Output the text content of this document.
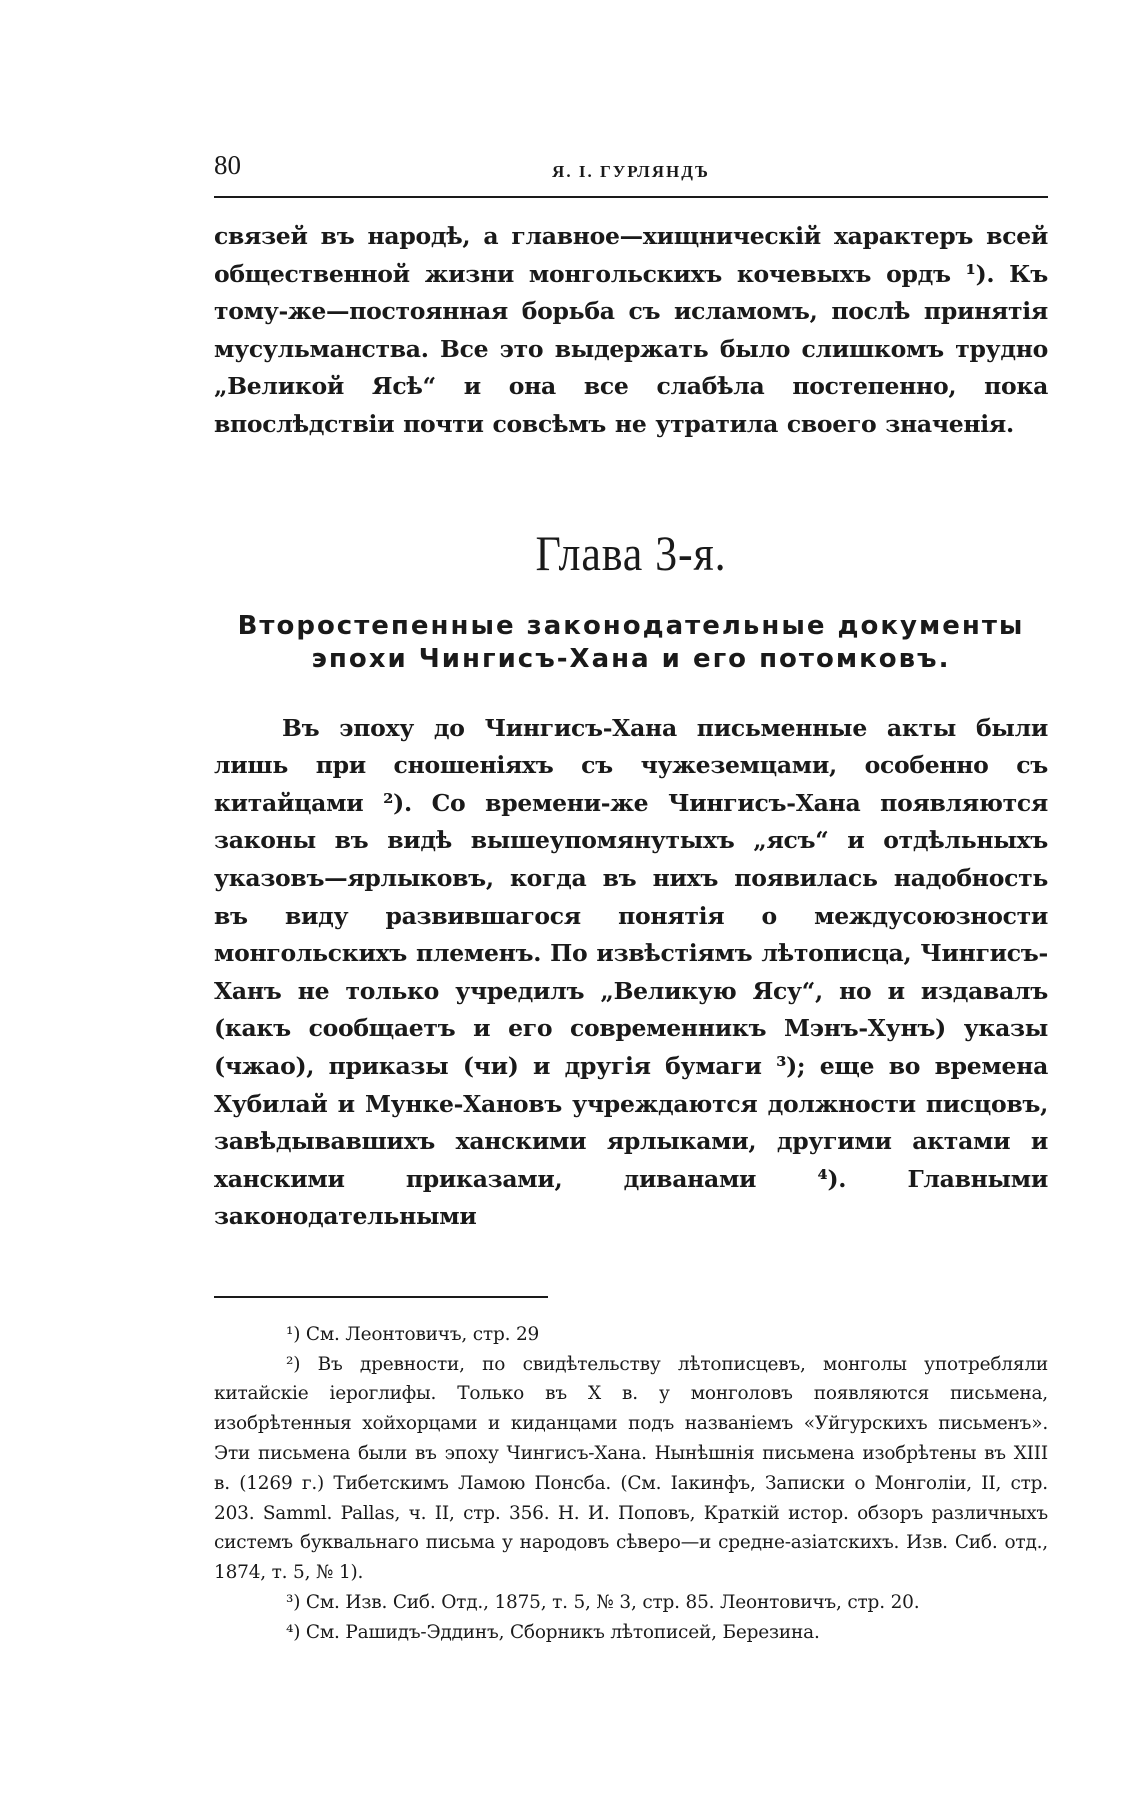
80	Я. I. ГУРЛЯНДЪ

связей въ народѣ, а главное—хищническій характеръ всей общественной жизни монгольскихъ кочевыхъ ордъ ¹). Къ тому-же—постоянная борьба съ исламомъ, послѣ принятія мусульманства. Все это выдержать было слишкомъ трудно „Великой Ясѣ“ и она все слабѣла постепенно, пока впослѣдствіи почти совсѣмъ не утратила своего значенія.

Глава 3-я.
Второстепенные законодательные документы
эпохи Чингисъ-Хана и его потомковъ.

Въ эпоху до Чингисъ-Хана письменные акты были лишь при сношеніяхъ съ чужеземцами, особенно съ китайцами ²). Со времени-же Чингисъ-Хана появляются законы въ видѣ вышеупомянутыхъ „ясъ“ и отдѣльныхъ указовъ—ярлыковъ, когда въ нихъ появилась надобность въ виду развившагося понятія о междусоюзности монгольскихъ племенъ. По извѣстіямъ лѣтописца, Чингисъ-Ханъ не только учредилъ „Великую Ясу“, но и издавалъ (какъ сообщаетъ и его современникъ Мэнъ-Хунъ) указы (чжао), приказы (чи) и другія бумаги ³); еще во времена Хубилай и Мунке-Хановъ учреждаются должности писцовъ, завѣдывавшихъ ханскими ярлыками, другими актами и ханскими приказами, диванами ⁴). Главными законодательными

¹) См. Леонтовичъ, стр. 29

²) Въ древности, по свидѣтельству лѣтописцевъ, монголы употребляли китайскіе іероглифы. Только въ X в. у монголовъ появляются письмена, изобрѣтенныя хойхорцами и киданцами подъ названіемъ «Уйгурскихъ письменъ». Эти письмена были въ эпоху Чингисъ-Хана. Нынѣшнія письмена изобрѣтены въ XIII в. (1269 г.) Тибетскимъ Ламою Понсба. (См. Іакинфъ, Записки о Монголіи, II, стр. 203. Samml. Pallas, ч. II, стр. 356. Н. И. Поповъ, Краткій истор. обзоръ различныхъ системъ буквальнаго письма у народовъ сѣверо—и средне-азіатскихъ. Изв. Сиб. отд., 1874, т. 5, № 1).

³) См. Изв. Сиб. Отд., 1875, т. 5, № 3, стр. 85. Леонтовичъ, стр. 20.

⁴) См. Рашидъ-Эддинъ, Сборникъ лѣтописей, Березина.
